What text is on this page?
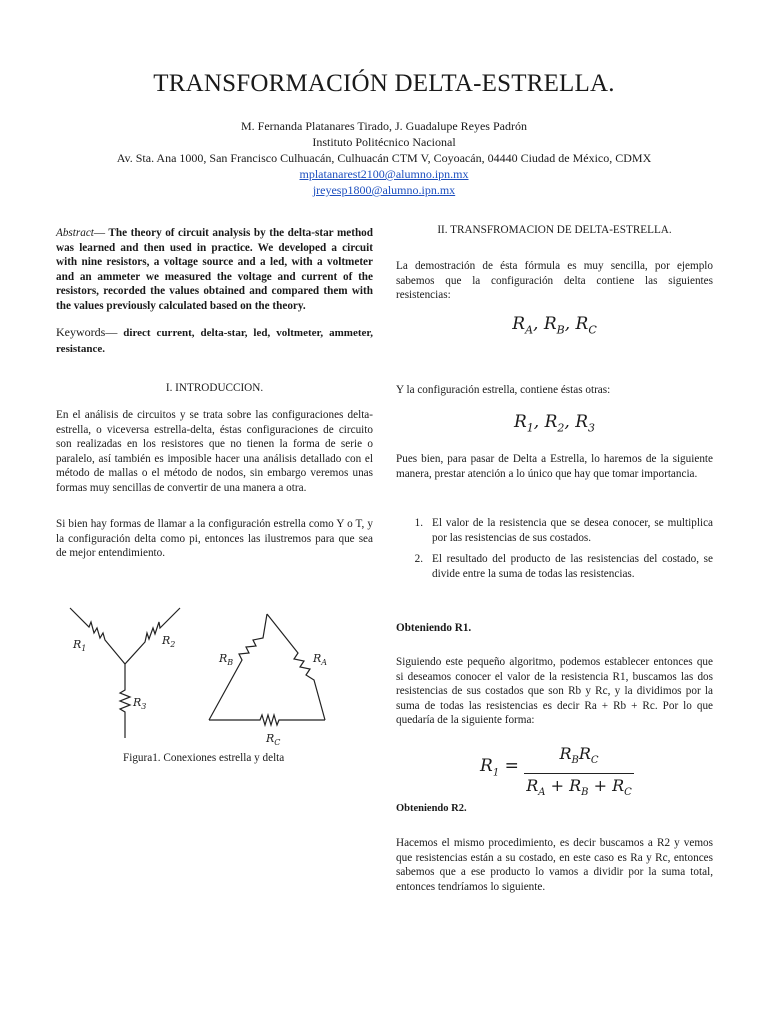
TRANSFORMACIÓN DELTA-ESTRELLA.
M. Fernanda Platanares Tirado, J. Guadalupe Reyes Padrón
Instituto Politécnico Nacional
Av. Sta. Ana 1000, San Francisco Culhuacán, Culhuacán CTM V, Coyoacán, 04440 Ciudad de México, CDMX
mplatanarest2100@alumno.ipn.mx
jreyesp1800@alumno.ipn.mx

Abstract— The theory of circuit analysis by the delta-star method was learned and then used in practice. We developed a circuit with nine resistors, a voltage source and a led, with a voltmeter and an ammeter we measured the voltage and current of the resistors, recorded the values obtained and compared them with the values previously calculated based on the theory.

Keywords— direct current, delta-star, led, voltmeter, ammeter, resistance.

I. INTRODUCCION.

En el análisis de circuitos y se trata sobre las configuraciones delta-estrella, o viceversa estrella-delta, éstas configuraciones de circuito son realizadas en los resistores que no tienen la forma de serie o paralelo, así también es imposible hacer una análisis detallado con el método de mallas o el método de nodos, sin embargo veremos unas formas muy sencillas de convertir de una manera a otra.

Si bien hay formas de llamar a la configuración estrella como Y o T, y la configuración delta como pi, entonces las ilustremos para que sea de mejor entendimiento.

$R_1$
$R_2$
$R_3$
$R_B$	$R_A$
$R_C$
Figura1. Conexiones estrella y delta
II. TRANSFROMACION DE DELTA-ESTRELLA.

La demostración de ésta fórmula es muy sencilla, por ejemplo sabemos que la configuración delta contiene las siguientes resistencias:

$R_A$, $R_B$, $R_C$

Y la configuración estrella, contiene éstas otras:

$R_1$, $R_2$, $R_3$

Pues bien, para pasar de Delta a Estrella, lo haremos de la siguiente manera, prestar atención a lo único que hay que tomar importancia.

1. El valor de la resistencia que se desea conocer, se multiplica por las resistencias de sus costados.
2. El resultado del producto de las resistencias del costado, se divide entre la suma de todas las resistencias.
Obteniendo R1.

Siguiendo este pequeño algoritmo, podemos establecer entonces que si deseamos conocer el valor de la resistencia R1, buscamos las dos resistencias de sus costados que son Rb y Rc, y la dividimos por la suma de todas las resistencias es decir Ra + Rb + Rc. Por lo que quedaría de la siguiente forma:

Obteniendo R2.

Hacemos el mismo procedimiento, es decir buscamos a R2 y vemos que resistencias están a su costado, en este caso es Ra y Rc, entonces sabemos que a ese producto lo vamos a dividir por la suma total, entonces tendríamos lo siguiente.

$R_1$ =
$R_BR_C$
$R_A + R_B + R_C$
